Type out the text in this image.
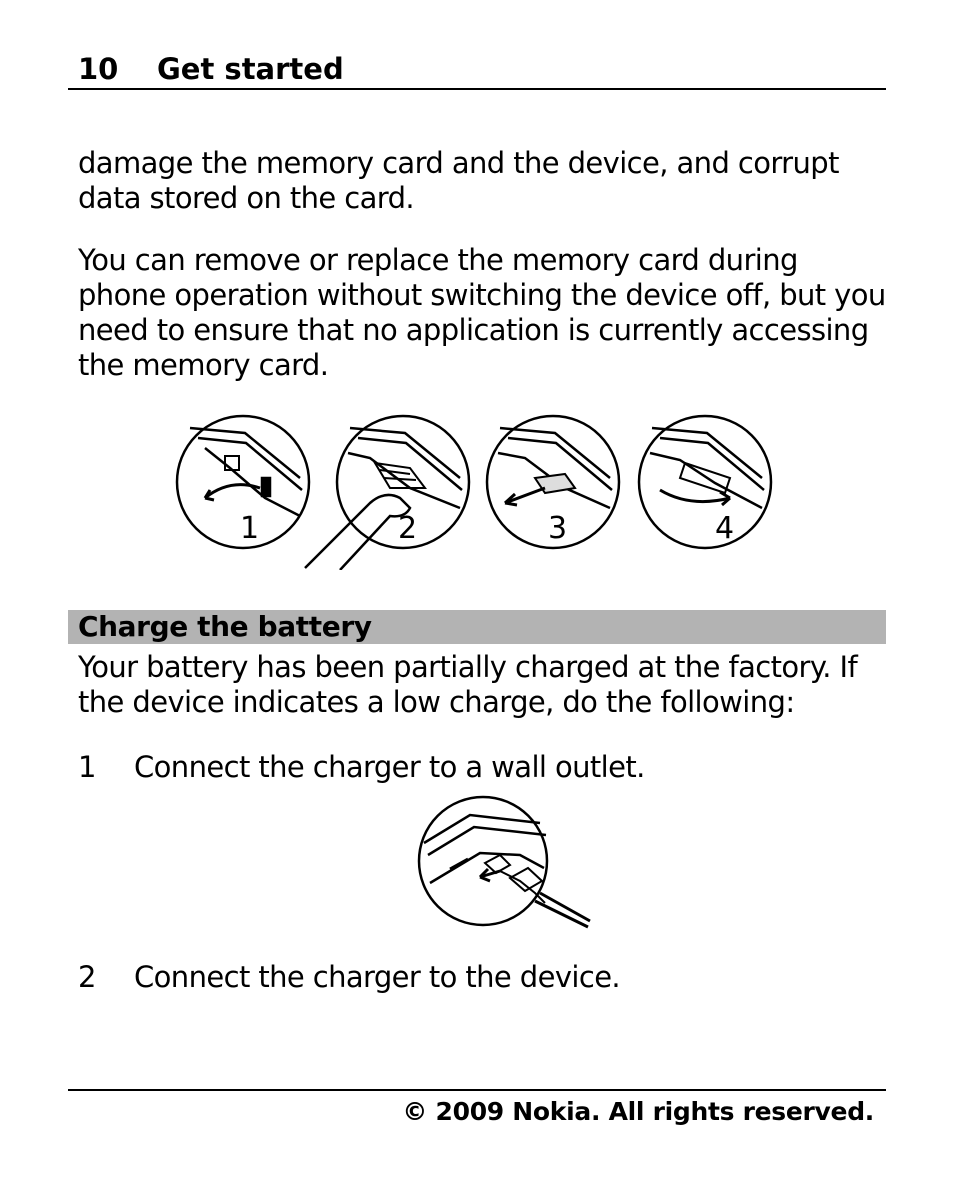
10 Get started

damage the memory card and the device, and corrupt data stored on the card.

You can remove or replace the memory card during phone operation without switching the device off, but you need to ensure that no application is currently accessing the memory card.

1	2	3	4
Charge the battery

Your battery has been partially charged at the factory. If the device indicates a low charge, do the following:

1 Connect the charger to a wall outlet.
2 Connect the charger to the device.
© 2009 Nokia. All rights reserved.
